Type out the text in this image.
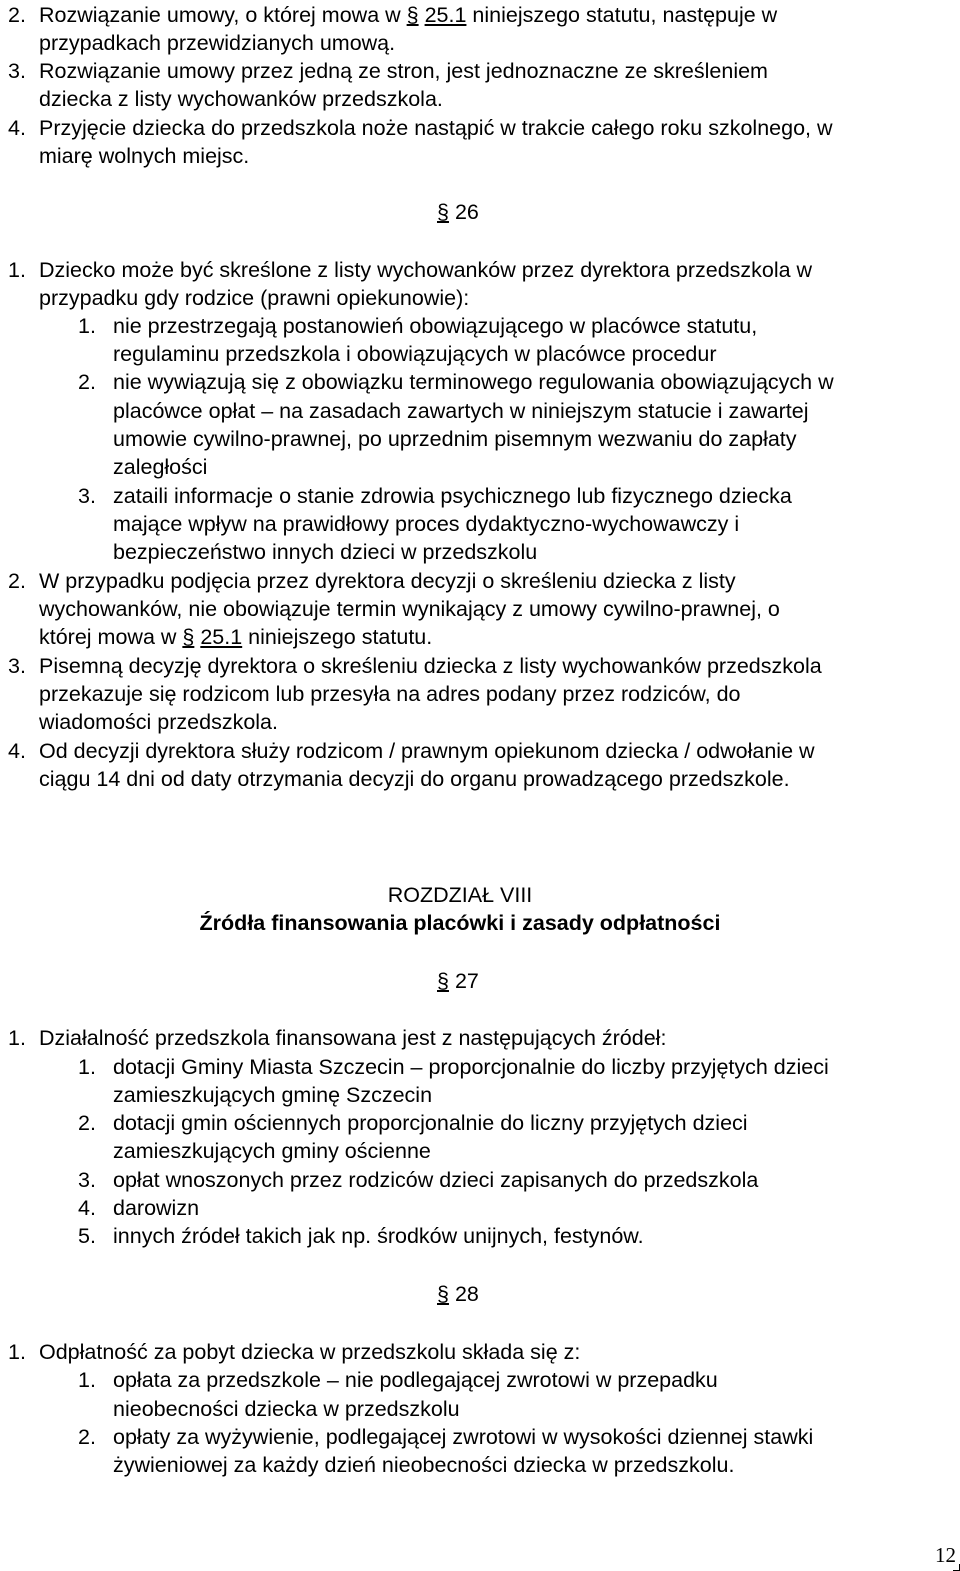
2. Rozwiązanie umowy, o której mowa w § 25.1 niniejszego statutu, następuje w
przypadkach przewidzianych umową.
3. Rozwiązanie umowy przez jedną ze stron, jest jednoznaczne ze skreśleniem
dziecka z listy wychowanków przedszkola.
4. Przyjęcie dziecka do przedszkola noże nastąpić w trakcie całego roku szkolnego, w
miarę wolnych miejsc.
§ 26
1. Dziecko może być skreślone z listy wychowanków przez dyrektora przedszkola w
przypadku gdy rodzice (prawni opiekunowie):
1. nie przestrzegają postanowień obowiązującego w placówce statutu,
regulaminu przedszkola i obowiązujących w placówce procedur
2. nie wywiązują się z obowiązku terminowego regulowania obowiązujących w
placówce opłat – na zasadach zawartych w niniejszym statucie i zawartej
umowie cywilno-prawnej, po uprzednim pisemnym wezwaniu do zapłaty
zaległości
3. zataili informacje o stanie zdrowia psychicznego lub fizycznego dziecka
mające wpływ na prawidłowy proces dydaktyczno-wychowawczy i
bezpieczeństwo innych dzieci w przedszkolu
2. W przypadku podjęcia przez dyrektora decyzji o skreśleniu dziecka z listy
wychowanków, nie obowiązuje termin wynikający z umowy cywilno-prawnej, o
której mowa w § 25.1 niniejszego statutu.
3. Pisemną decyzję dyrektora o skreśleniu dziecka z listy wychowanków przedszkola
przekazuje się rodzicom lub przesyła na adres podany przez rodziców, do
wiadomości przedszkola.
4. Od decyzji dyrektora służy rodzicom / prawnym opiekunom dziecka / odwołanie w
ciągu 14 dni od daty otrzymania decyzji do organu prowadzącego przedszkole.
ROZDZIAŁ VIII
Źródła finansowania placówki i zasady odpłatności
§ 27
1. Działalność przedszkola finansowana jest z następujących źródeł:
1. dotacji Gminy Miasta Szczecin – proporcjonalnie do liczby przyjętych dzieci
zamieszkujących gminę Szczecin
2. dotacji gmin ościennych proporcjonalnie do liczny przyjętych dzieci
zamieszkujących gminy ościenne
3. opłat wnoszonych przez rodziców dzieci zapisanych do przedszkola
4. darowizn
5. innych źródeł takich jak np. środków unijnych, festynów.
§ 28
1. Odpłatność za pobyt dziecka w przedszkolu składa się z:
1. opłata za przedszkole – nie podlegającej zwrotowi w przepadku
nieobecności dziecka w przedszkolu
2. opłaty za wyżywienie, podlegającej zwrotowi w wysokości dziennej stawki
żywieniowej za każdy dzień nieobecności dziecka w przedszkolu.
12
